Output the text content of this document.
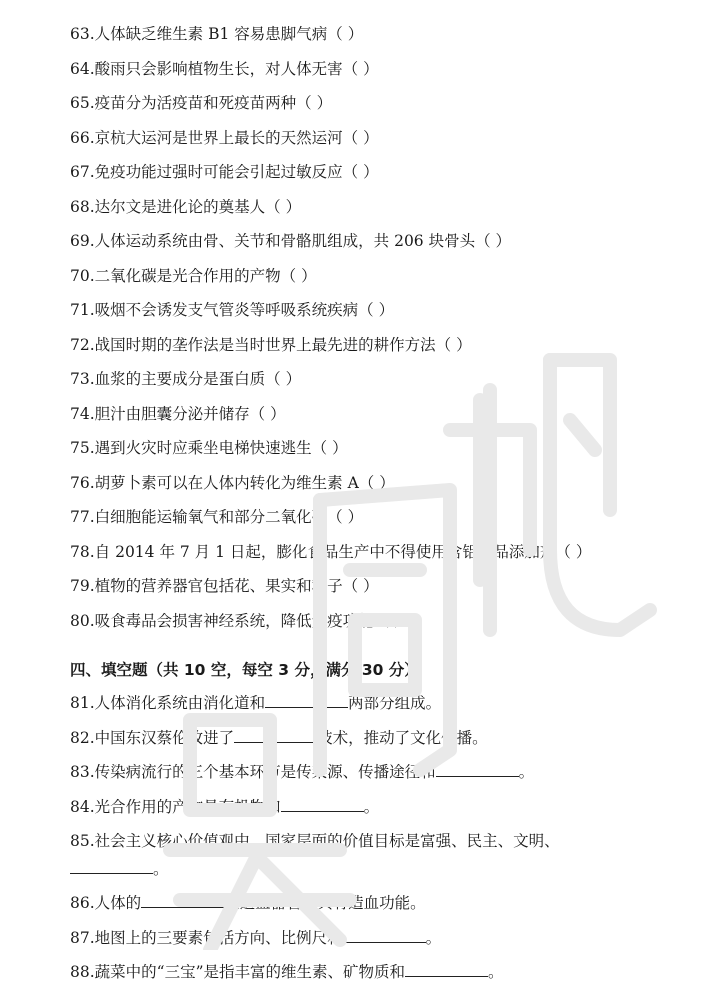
63.人体缺乏维生素 B1 容易患脚气病（ ）
64.酸雨只会影响植物生长，对人体无害（ ）
65.疫苗分为活疫苗和死疫苗两种（ ）
66.京杭大运河是世界上最长的天然运河（ ）
67.免疫功能过强时可能会引起过敏反应（ ）
68.达尔文是进化论的奠基人（ ）
69.人体运动系统由骨、关节和骨骼肌组成，共 206 块骨头（ ）
70.二氧化碳是光合作用的产物（ ）
71.吸烟不会诱发支气管炎等呼吸系统疾病（ ）
72.战国时期的垄作法是当时世界上最先进的耕作方法（ ）
73.血浆的主要成分是蛋白质（ ）
74.胆汁由胆囊分泌并储存（ ）
75.遇到火灾时应乘坐电梯快速逃生（ ）
76.胡萝卜素可以在人体内转化为维生素 A（ ）
77.白细胞能运输氧气和部分二氧化碳（ ）
78.自 2014 年 7 月 1 日起，膨化食品生产中不得使用含铝食品添加剂（ ）
79.植物的营养器官包括花、果实和种子（ ）
80.吸食毒品会损害神经系统，降低免疫功能（ ）
四、填空题（共 10 空，每空 3 分，满分 30 分）
81.人体消化系统由消化道和	两部分组成。
82.中国东汉蔡伦改进了	技术，推动了文化传播。
83.传染病流行的三个基本环节是传染源、传播途径和	。
84.光合作用的产物是有机物和	。
85.社会主义核心价值观中，国家层面的价值目标是富强、民主、文明、
。
86.人体的	是造血器官，具有造血功能。
87.地图上的三要素包括方向、比例尺和	。
88.蔬菜中的“三宝”是指丰富的维生素、矿物质和	。
